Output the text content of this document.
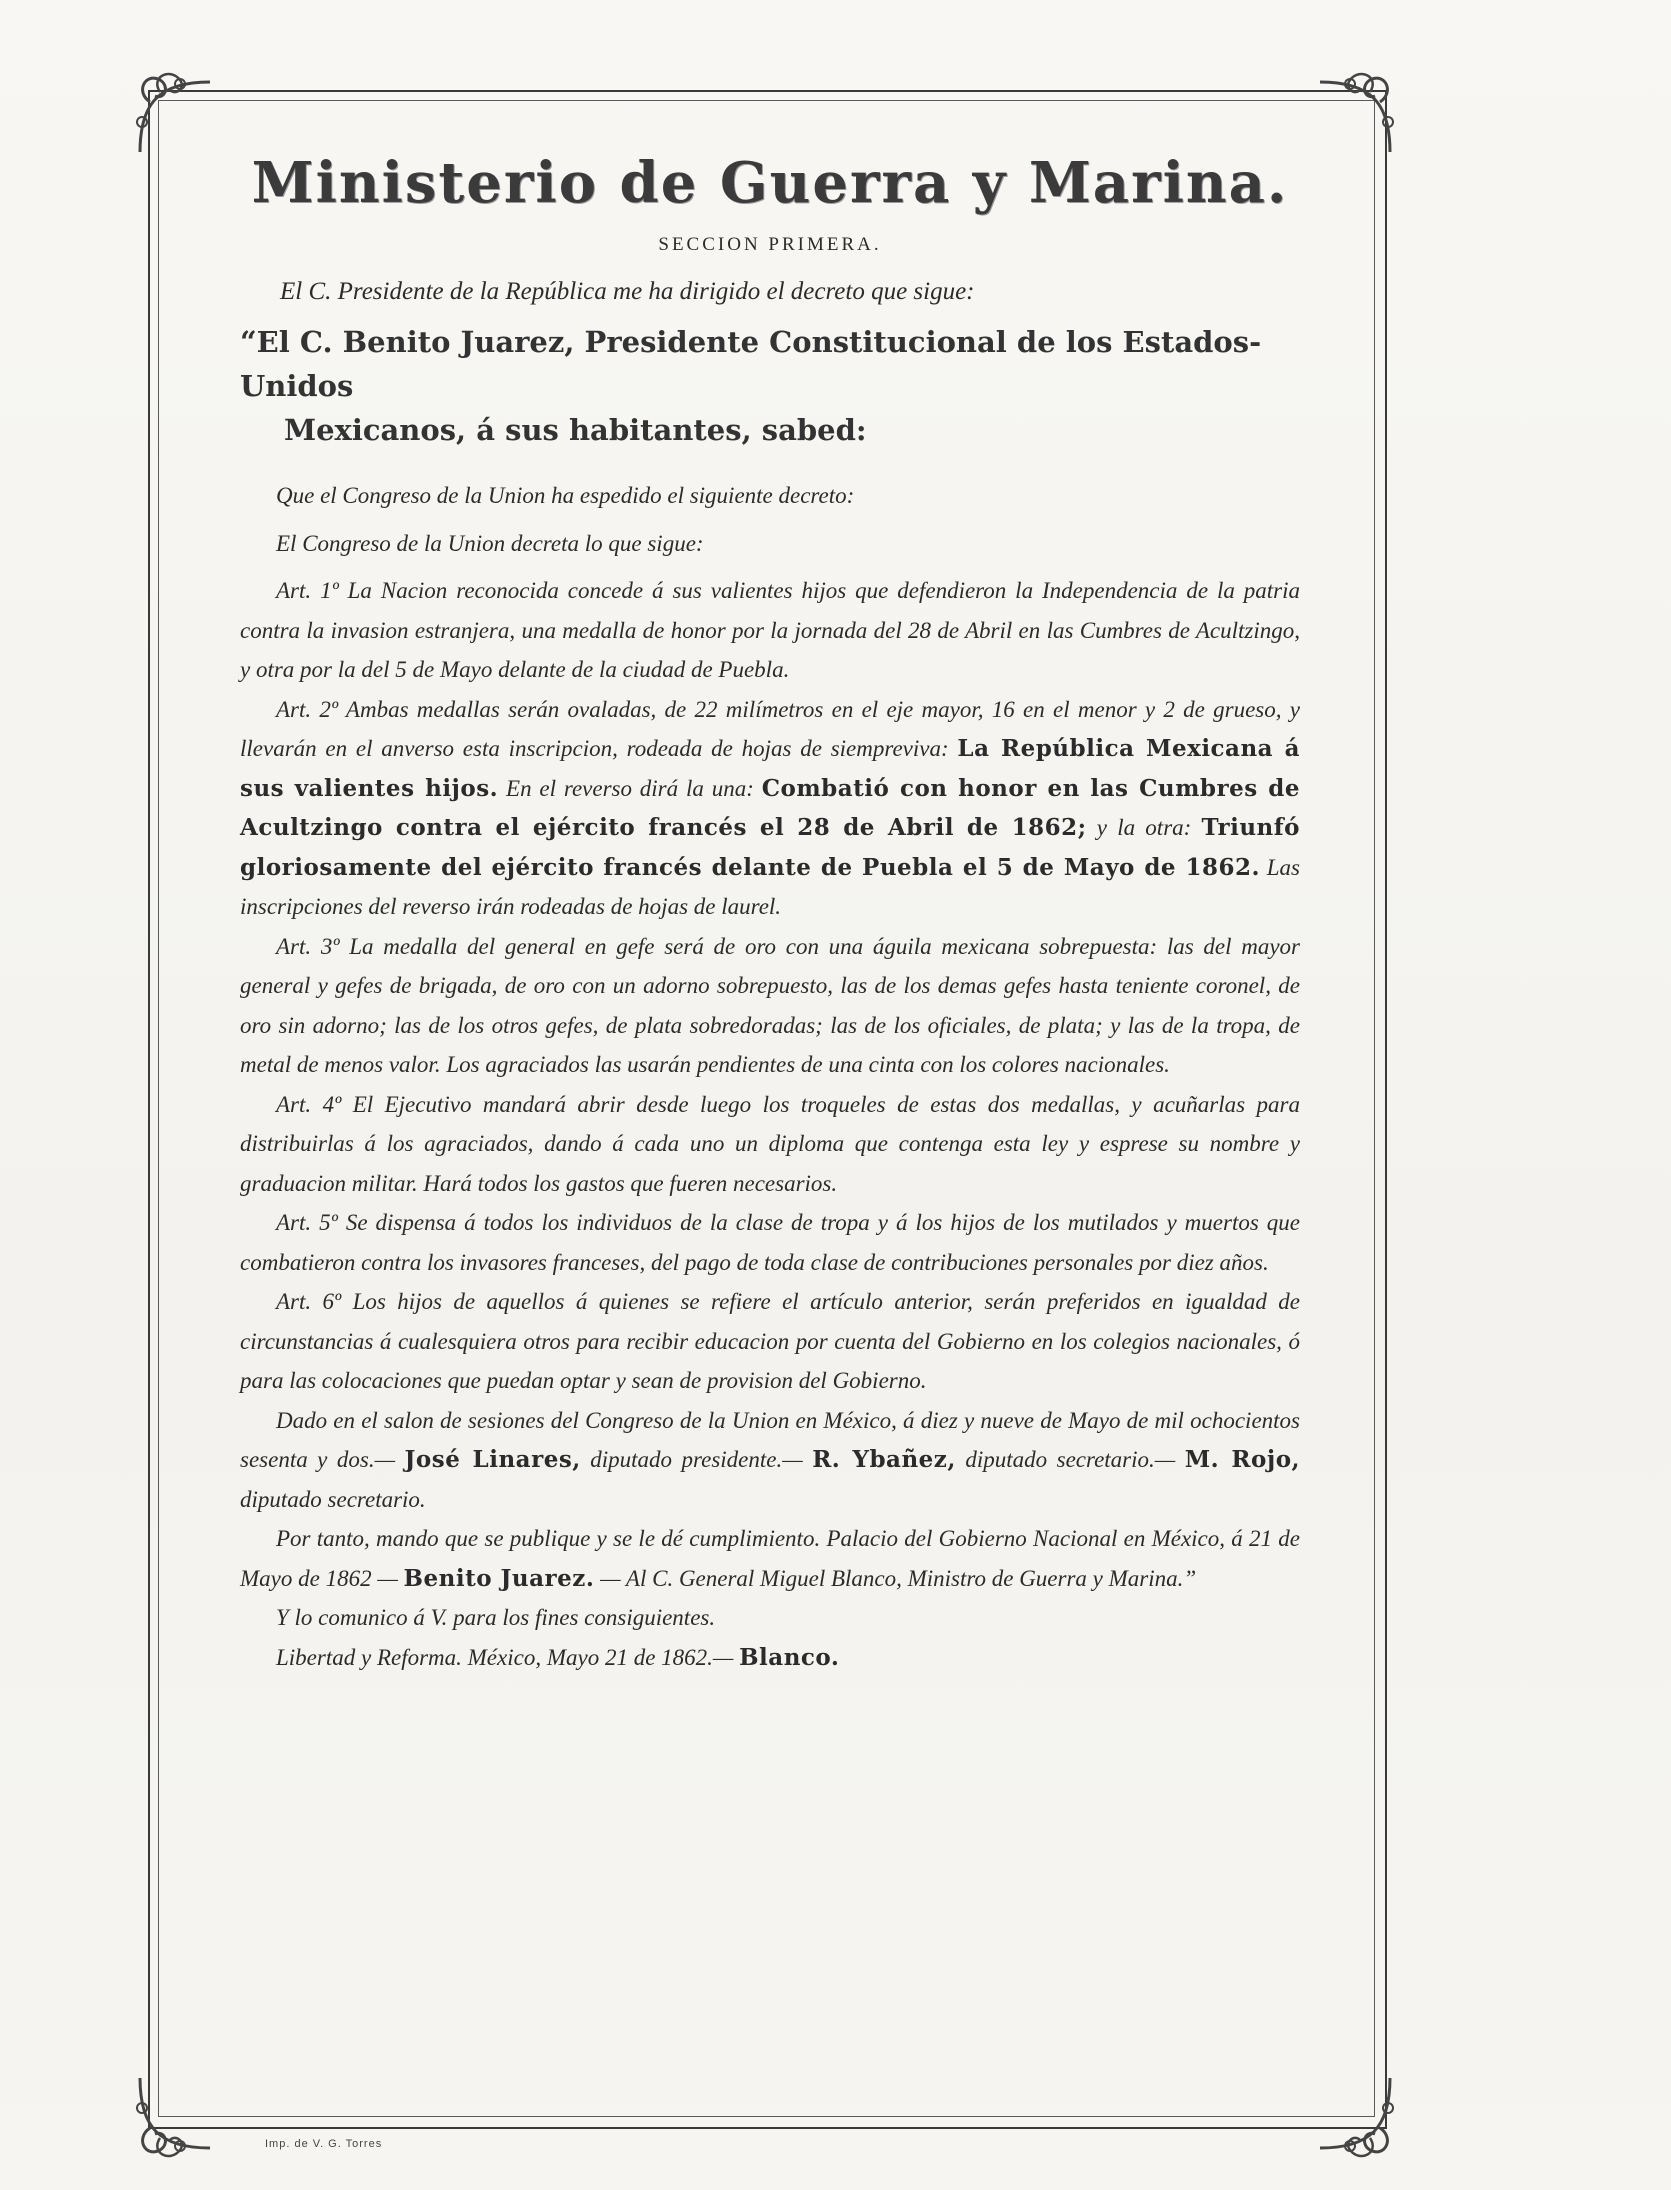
Ministerio de Guerra y Marina.
SECCION PRIMERA.

El C. Presidente de la República me ha dirigido el decreto que sigue:

“El C. Benito Juarez, Presidente Constitucional de los Estados-Unidos
Mexicanos, á sus habitantes, sabed:

Que el Congreso de la Union ha espedido el siguiente decreto:

El Congreso de la Union decreta lo que sigue:

Art. 1º La Nacion reconocida concede á sus valientes hijos que defendieron la Independencia de la patria contra la invasion estranjera, una medalla de honor por la jornada del 28 de Abril en las Cumbres de Acultzingo, y otra por la del 5 de Mayo delante de la ciudad de Puebla.

Art. 2º Ambas medallas serán ovaladas, de 22 milímetros en el eje mayor, 16 en el menor y 2 de grueso, y llevarán en el anverso esta inscripcion, rodeada de hojas de siempreviva: La República Mexicana á sus valientes hijos. En el reverso dirá la una: Combatió con honor en las Cumbres de Acultzingo contra el ejército francés el 28 de Abril de 1862; y la otra: Triunfó gloriosamente del ejército francés delante de Puebla el 5 de Mayo de 1862. Las inscripciones del reverso irán rodeadas de hojas de laurel.

Art. 3º La medalla del general en gefe será de oro con una águila mexicana sobrepuesta: las del mayor general y gefes de brigada, de oro con un adorno sobrepuesto, las de los demas gefes hasta teniente coronel, de oro sin adorno; las de los otros gefes, de plata sobredoradas; las de los oficiales, de plata; y las de la tropa, de metal de menos valor. Los agraciados las usarán pendientes de una cinta con los colores nacionales.

Art. 4º El Ejecutivo mandará abrir desde luego los troqueles de estas dos medallas, y acuñarlas para distribuirlas á los agraciados, dando á cada uno un diploma que contenga esta ley y esprese su nombre y graduacion militar. Hará todos los gastos que fueren necesarios.

Art. 5º Se dispensa á todos los individuos de la clase de tropa y á los hijos de los mutilados y muertos que combatieron contra los invasores franceses, del pago de toda clase de contribuciones personales por diez años.

Art. 6º Los hijos de aquellos á quienes se refiere el artículo anterior, serán preferidos en igualdad de circunstancias á cualesquiera otros para recibir educacion por cuenta del Gobierno en los colegios nacionales, ó para las colocaciones que puedan optar y sean de provision del Gobierno.

Dado en el salon de sesiones del Congreso de la Union en México, á diez y nueve de Mayo de mil ochocientos sesenta y dos.— José Linares, diputado presidente.— R. Ybañez, diputado secretario.— M. Rojo, diputado secretario.

Por tanto, mando que se publique y se le dé cumplimiento. Palacio del Gobierno Nacional en México, á 21 de Mayo de 1862 — Benito Juarez. — Al C. General Miguel Blanco, Ministro de Guerra y Marina.”

Y lo comunico á V. para los fines consiguientes.

Libertad y Reforma. México, Mayo 21 de 1862.— Blanco.

Imp. de V. G. Torres
